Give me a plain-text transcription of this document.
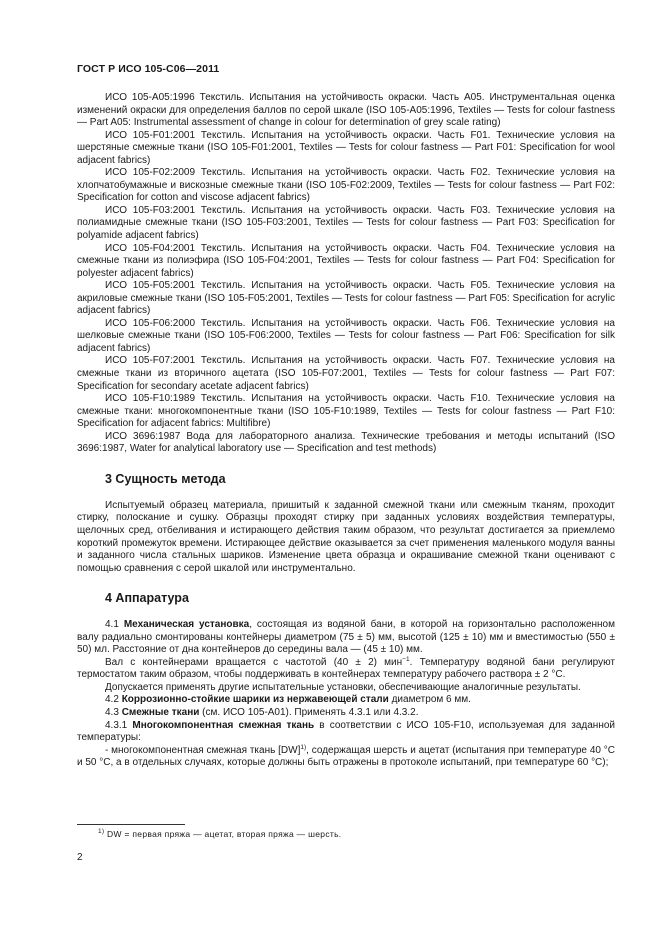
ГОСТ Р ИСО 105-С06—2011

ИСО 105-А05:1996 Текстиль. Испытания на устойчивость окраски. Часть А05. Инструментальная оценка изменений окраски для определения баллов по серой шкале (ISO 105-A05:1996, Textiles — Tests for colour fastness — Part A05: Instrumental assessment of change in colour for determination of grey scale rating)

ИСО 105-F01:2001 Текстиль. Испытания на устойчивость окраски. Часть F01. Технические условия на шерстяные смежные ткани (ISO 105-F01:2001, Textiles — Tests for colour fastness — Part F01: Specification for wool adjacent fabrics)

ИСО 105-F02:2009 Текстиль. Испытания на устойчивость окраски. Часть F02. Технические условия на хлопчатобумажные и вискозные смежные ткани (ISO 105-F02:2009, Textiles — Tests for colour fastness — Part F02: Specification for cotton and viscose adjacent fabrics)

ИСО 105-F03:2001 Текстиль. Испытания на устойчивость окраски. Часть F03. Технические условия на полиамидные смежные ткани (ISO 105-F03:2001, Textiles — Tests for colour fastness — Part F03: Specification for polyamide adjacent fabrics)

ИСО 105-F04:2001 Текстиль. Испытания на устойчивость окраски. Часть F04. Технические условия на смежные ткани из полиэфира (ISO 105-F04:2001, Textiles — Tests for colour fastness — Part F04: Specification for polyester adjacent fabrics)

ИСО 105-F05:2001 Текстиль. Испытания на устойчивость окраски. Часть F05. Технические условия на акриловые смежные ткани (ISO 105-F05:2001, Textiles — Tests for colour fastness — Part F05: Specification for acrylic adjacent fabrics)

ИСО 105-F06:2000 Текстиль. Испытания на устойчивость окраски. Часть F06. Технические условия на шелковые смежные ткани (ISO 105-F06:2000, Textiles — Tests for colour fastness — Part F06: Specification for silk adjacent fabrics)

ИСО 105-F07:2001 Текстиль. Испытания на устойчивость окраски. Часть F07. Технические условия на смежные ткани из вторичного ацетата (ISO 105-F07:2001, Textiles — Tests for colour fastness — Part F07: Specification for secondary acetate adjacent fabrics)

ИСО 105-F10:1989 Текстиль. Испытания на устойчивость окраски. Часть F10. Технические условия на смежные ткани: многокомпонентные ткани (ISO 105-F10:1989, Textiles — Tests for colour fastness — Part F10: Specification for adjacent fabrics: Multifibre)

ИСО 3696:1987 Вода для лабораторного анализа. Технические требования и методы испытаний (ISO 3696:1987, Water for analytical laboratory use — Specification and test methods)

3 Сущность метода

Испытуемый образец материала, пришитый к заданной смежной ткани или смежным тканям, проходит стирку, полоскание и сушку. Образцы проходят стирку при заданных условиях воздействия температуры, щелочных сред, отбеливания и истирающего действия таким образом, что результат достигается за приемлемо короткий промежуток времени. Истирающее действие оказывается за счет применения маленького модуля ванны и заданного числа стальных шариков. Изменение цвета образца и окрашивание смежной ткани оценивают с помощью сравнения с серой шкалой или инструментально.

4 Аппаратура

4.1 Механическая установка, состоящая из водяной бани, в которой на горизонтально расположенном валу радиально смонтированы контейнеры диаметром (75 ± 5) мм, высотой (125 ± 10) мм и вместимостью (550 ± 50) мл. Расстояние от дна контейнеров до середины вала — (45 ± 10) мм.

Вал с контейнерами вращается с частотой (40 ± 2) мин$^{-1}$. Температуру водяной бани регулируют термостатом таким образом, чтобы поддерживать в контейнерах температуру рабочего раствора ± 2 °С.

Допускается применять другие испытательные установки, обеспечивающие аналогичные результаты.

4.2 Коррозионно-стойкие шарики из нержавеющей стали диаметром 6 мм.

4.3 Смежные ткани (см. ИСО 105-А01). Применять 4.3.1 или 4.3.2.

4.3.1 Многокомпонентная смежная ткань в соответствии с ИСО 105-F10, используемая для заданной температуры:

- многокомпонентная смежная ткань [DW]$^{1)}$, содержащая шерсть и ацетат (испытания при температуре 40 °С и 50 °С, а в отдельных случаях, которые должны быть отражены в протоколе испытаний, при температуре 60 °С);

$^{1)}$ DW = первая пряжа — ацетат, вторая пряжа — шерсть.
2
